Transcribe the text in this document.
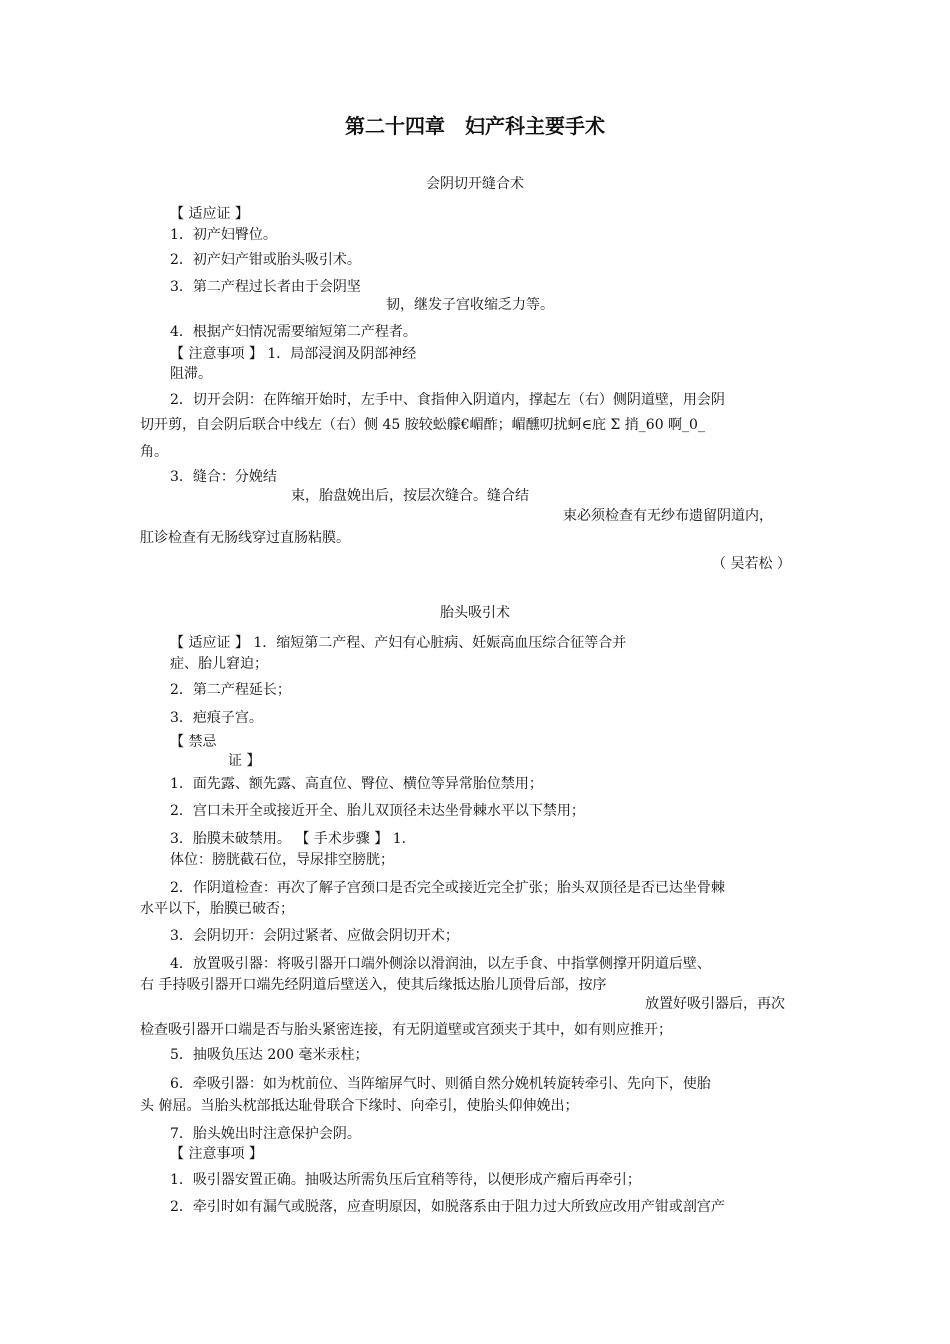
第二十四章　妇产科主要手术
会阴切开缝合术
【 适应证 】
1．初产妇臀位。
2．初产妇产钳或胎头吸引术。
3．第二产程过长者由于会阴坚
韧，继发子宫收缩乏力等。
4．根据产妇情况需要缩短第二产程者。
【 注意事项 】 1．局部浸润及阴部神经
阻滞。
2．切开会阴：在阵缩开始时，左手中、食指伸入阴道内，撑起左（右）侧阴道壁，用会阴
切开剪，自会阴后联合中线左（右）侧 45 胺较蚣艨€嵋酢；嵋醺叨扰蚵∈庇 Σ 捎_60 啊_0_
角。
3．缝合：分娩结
束，胎盘娩出后，按层次缝合。缝合结
束必须检查有无纱布遗留阴道内，
肛诊检查有无肠线穿过直肠粘膜。
（ 吴若松 ）
胎头吸引术
【 适应证 】 1．缩短第二产程、产妇有心脏病、妊娠高血压综合征等合并
症、胎儿窘迫；
2．第二产程延长；
3．疤痕子宫。
【 禁忌
证 】
1．面先露、额先露、高直位、臀位、横位等异常胎位禁用；
2．宫口未开全或接近开全、胎儿双顶径未达坐骨棘水平以下禁用；
3．胎膜未破禁用。 【 手术步骤 】 1．
体位：膀胱截石位，导尿排空膀胱；
2．作阴道检查：再次了解子宫颈口是否完全或接近完全扩张；胎头双顶径是否已达坐骨棘
水平以下，胎膜已破否；
3．会阴切开：会阴过紧者、应做会阴切开术；
4．放置吸引器：将吸引器开口端外侧涂以滑润油，以左手食、中指掌侧撑开阴道后壁、
右 手持吸引器开口端先经阴道后壁送入，使其后缘抵达胎儿顶骨后部，按序
放置好吸引器后，再次
检查吸引器开口端是否与胎头紧密连接，有无阴道壁或宫颈夹于其中，如有则应推开；
5．抽吸负压达 200 毫米汞柱；
6．牵吸引器：如为枕前位、当阵缩屏气时、则循自然分娩机转旋转牵引、先向下，使胎
头 俯屈。当胎头枕部抵达耻骨联合下缘时、向牵引，使胎头仰伸娩出；
7．胎头娩出时注意保护会阴。
【 注意事项 】
1．吸引器安置正确。抽吸达所需负压后宜稍等待，以便形成产瘤后再牵引；
2．牵引时如有漏气或脱落，应查明原因，如脱落系由于阻力过大所致应改用产钳或剖宫产
